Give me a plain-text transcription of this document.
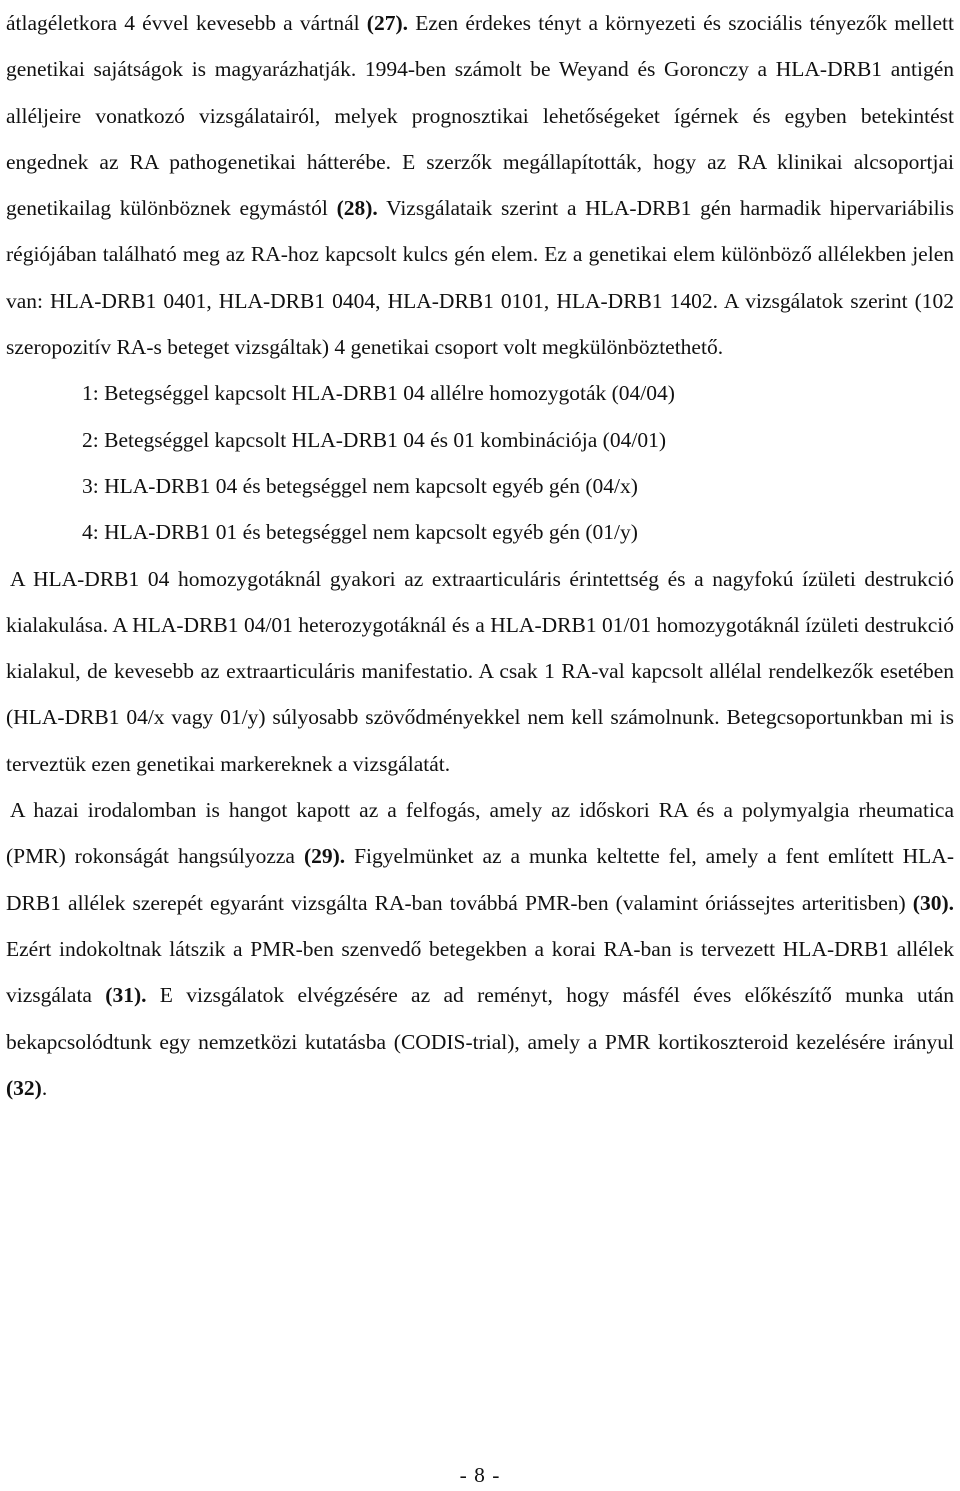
átlagéletkora 4 évvel kevesebb a vártnál (27). Ezen érdekes tényt a környezeti és szociális tényezők mellett genetikai sajátságok is magyarázhatják. 1994-ben számolt be Weyand és Goronczy a HLA-DRB1 antigén alléljeire vonatkozó vizsgálatairól, melyek prognosztikai lehetőségeket ígérnek és egyben betekintést engednek az RA pathogenetikai hátterébe. E szerzők megállapították, hogy az RA klinikai alcsoportjai genetikailag különböznek egymástól (28). Vizsgálataik szerint a HLA-DRB1 gén harmadik hipervariábilis régiójában található meg az RA-hoz kapcsolt kulcs gén elem. Ez a genetikai elem különböző allélekben jelen van: HLA-DRB1 0401, HLA-DRB1 0404, HLA-DRB1 0101, HLA-DRB1 1402. A vizsgálatok szerint (102 szeropozitív RA-s beteget vizsgáltak) 4 genetikai csoport volt megkülönböztethető.

1: Betegséggel kapcsolt HLA-DRB1 04 allélre homozygoták (04/04)
2: Betegséggel kapcsolt HLA-DRB1 04 és 01 kombinációja (04/01)
3: HLA-DRB1 04 és betegséggel nem kapcsolt egyéb gén (04/x)
4: HLA-DRB1 01 és betegséggel nem kapcsolt egyéb gén (01/y)

A HLA-DRB1 04 homozygotáknál gyakori az extraarticuláris érintettség és a nagyfokú ízületi destrukció kialakulása. A HLA-DRB1 04/01 heterozygotáknál és a HLA-DRB1 01/01 homozygotáknál ízületi destrukció kialakul, de kevesebb az extraarticuláris manifestatio. A csak 1 RA-val kapcsolt allélal rendelkezők esetében (HLA-DRB1 04/x vagy 01/y) súlyosabb szövődményekkel nem kell számolnunk. Betegcsoportunkban mi is terveztük ezen genetikai markereknek a vizsgálatát.

A hazai irodalomban is hangot kapott az a felfogás, amely az időskori RA és a polymyalgia rheumatica (PMR) rokonságát hangsúlyozza (29). Figyelmünket az a munka keltette fel, amely a fent említett HLA-DRB1 allélek szerepét egyaránt vizsgálta RA-ban továbbá PMR-ben (valamint óriássejtes arteritisben) (30). Ezért indokoltnak látszik a PMR-ben szenvedő betegekben a korai RA-ban is tervezett HLA-DRB1 allélek vizsgálata (31). E vizsgálatok elvégzésére az ad reményt, hogy másfél éves előkészítő munka után bekapcsolódtunk egy nemzetközi kutatásba (CODIS-trial), amely a PMR kortikoszteroid kezelésére irányul (32).

- 8 -
